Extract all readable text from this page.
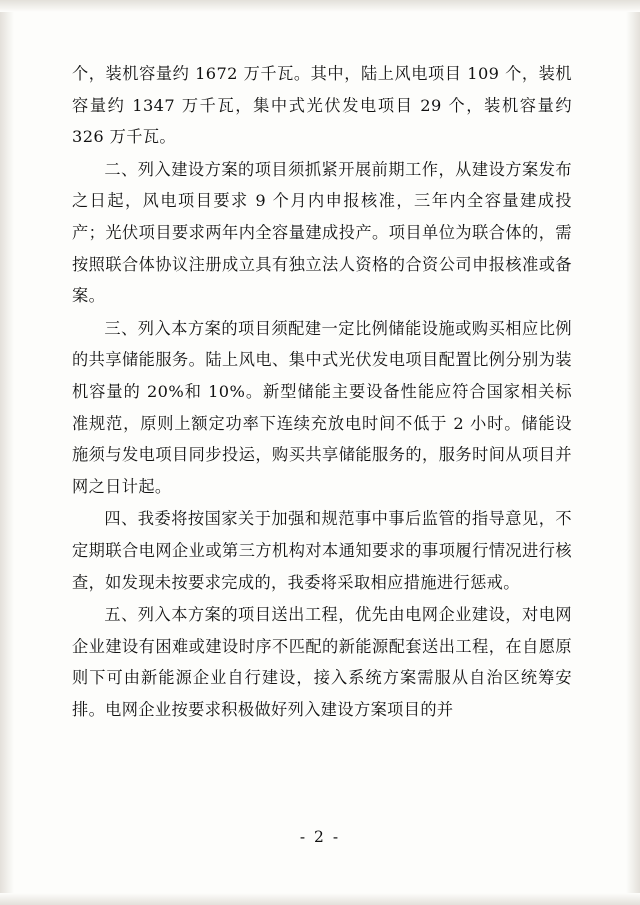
个，装机容量约 1672 万千瓦。其中，陆上风电项目 109 个，装机容量约 1347 万千瓦，集中式光伏发电项目 29 个，装机容量约 326 万千瓦。

二、列入建设方案的项目须抓紧开展前期工作，从建设方案发布之日起，风电项目要求 9 个月内申报核准，三年内全容量建成投产；光伏项目要求两年内全容量建成投产。项目单位为联合体的，需按照联合体协议注册成立具有独立法人资格的合资公司申报核准或备案。

三、列入本方案的项目须配建一定比例储能设施或购买相应比例的共享储能服务。陆上风电、集中式光伏发电项目配置比例分别为装机容量的 20%和 10%。新型储能主要设备性能应符合国家相关标准规范，原则上额定功率下连续充放电时间不低于 2 小时。储能设施须与发电项目同步投运，购买共享储能服务的，服务时间从项目并网之日计起。

四、我委将按国家关于加强和规范事中事后监管的指导意见，不定期联合电网企业或第三方机构对本通知要求的事项履行情况进行核查，如发现未按要求完成的，我委将采取相应措施进行惩戒。

五、列入本方案的项目送出工程，优先由电网企业建设，对电网企业建设有困难或建设时序不匹配的新能源配套送出工程，在自愿原则下可由新能源企业自行建设，接入系统方案需服从自治区统筹安排。电网企业按要求积极做好列入建设方案项目的并

- 2 -
